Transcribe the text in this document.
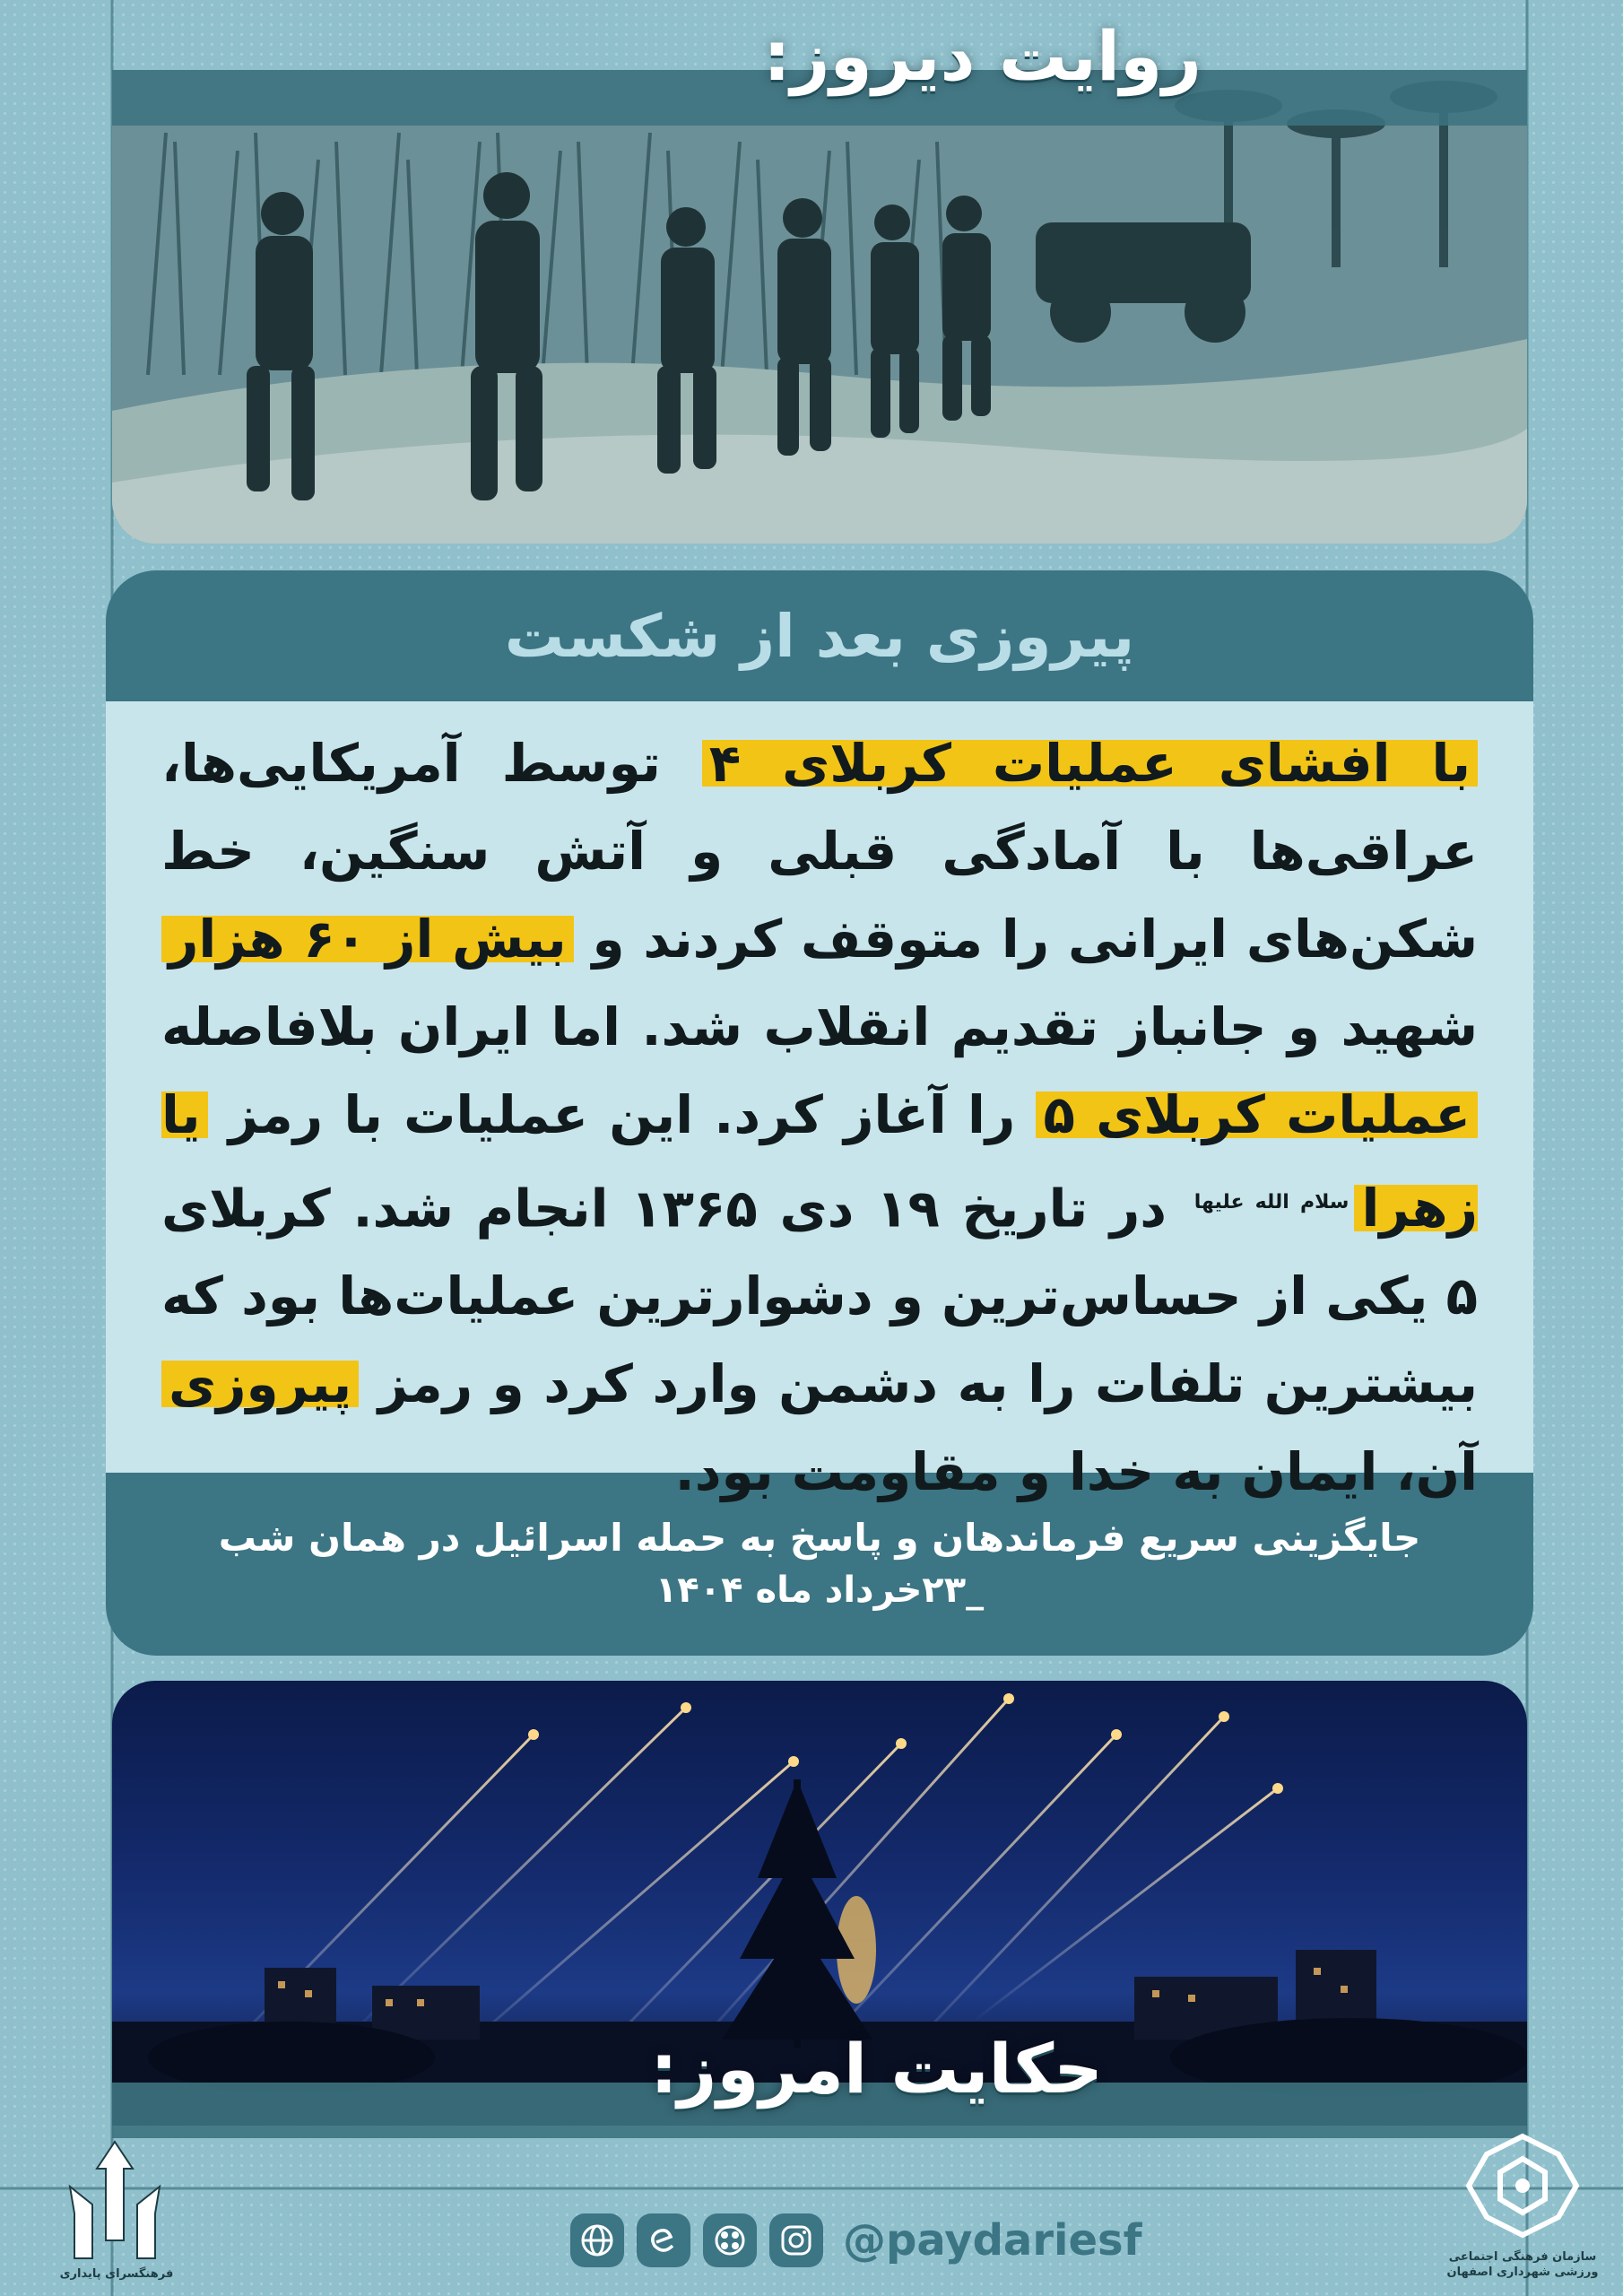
روایت دیروز:
پیروزی بعد از شکست
با افشای عملیات کربلای ۴ توسط آمریکایی‌ها، عراقی‌ها با آمادگی قبلی و آتش سنگین، خط شکن‌های ایرانی را متوقف کردند و بیش از ۶۰ هزار شهید و جانباز تقدیم انقلاب شد. اما ایران بلافاصله عملیات کربلای ۵ را آغاز کرد. این عملیات با رمز یا زهرا$^{سلام الله علیها}$ در تاریخ ۱۹ دی ۱۳۶۵ انجام شد. کربلای ۵ یکی از حساس‌ترین و دشوارترین عملیات‌ها بود که بیشترین تلفات را به دشمن وارد کرد و رمز پیروزی آن، ایمان به خدا و مقاومت بود.
جایگزینی سریع فرماندهان و پاسخ به حمله اسرائیل در همان شب
_۲۳خرداد ماه ۱۴۰۴
حکایت امروز:
فرهنگسرای پایداری
@paydariesf	سازمان فرهنگی اجتماعی
ورزشی شهرداری اصفهان
